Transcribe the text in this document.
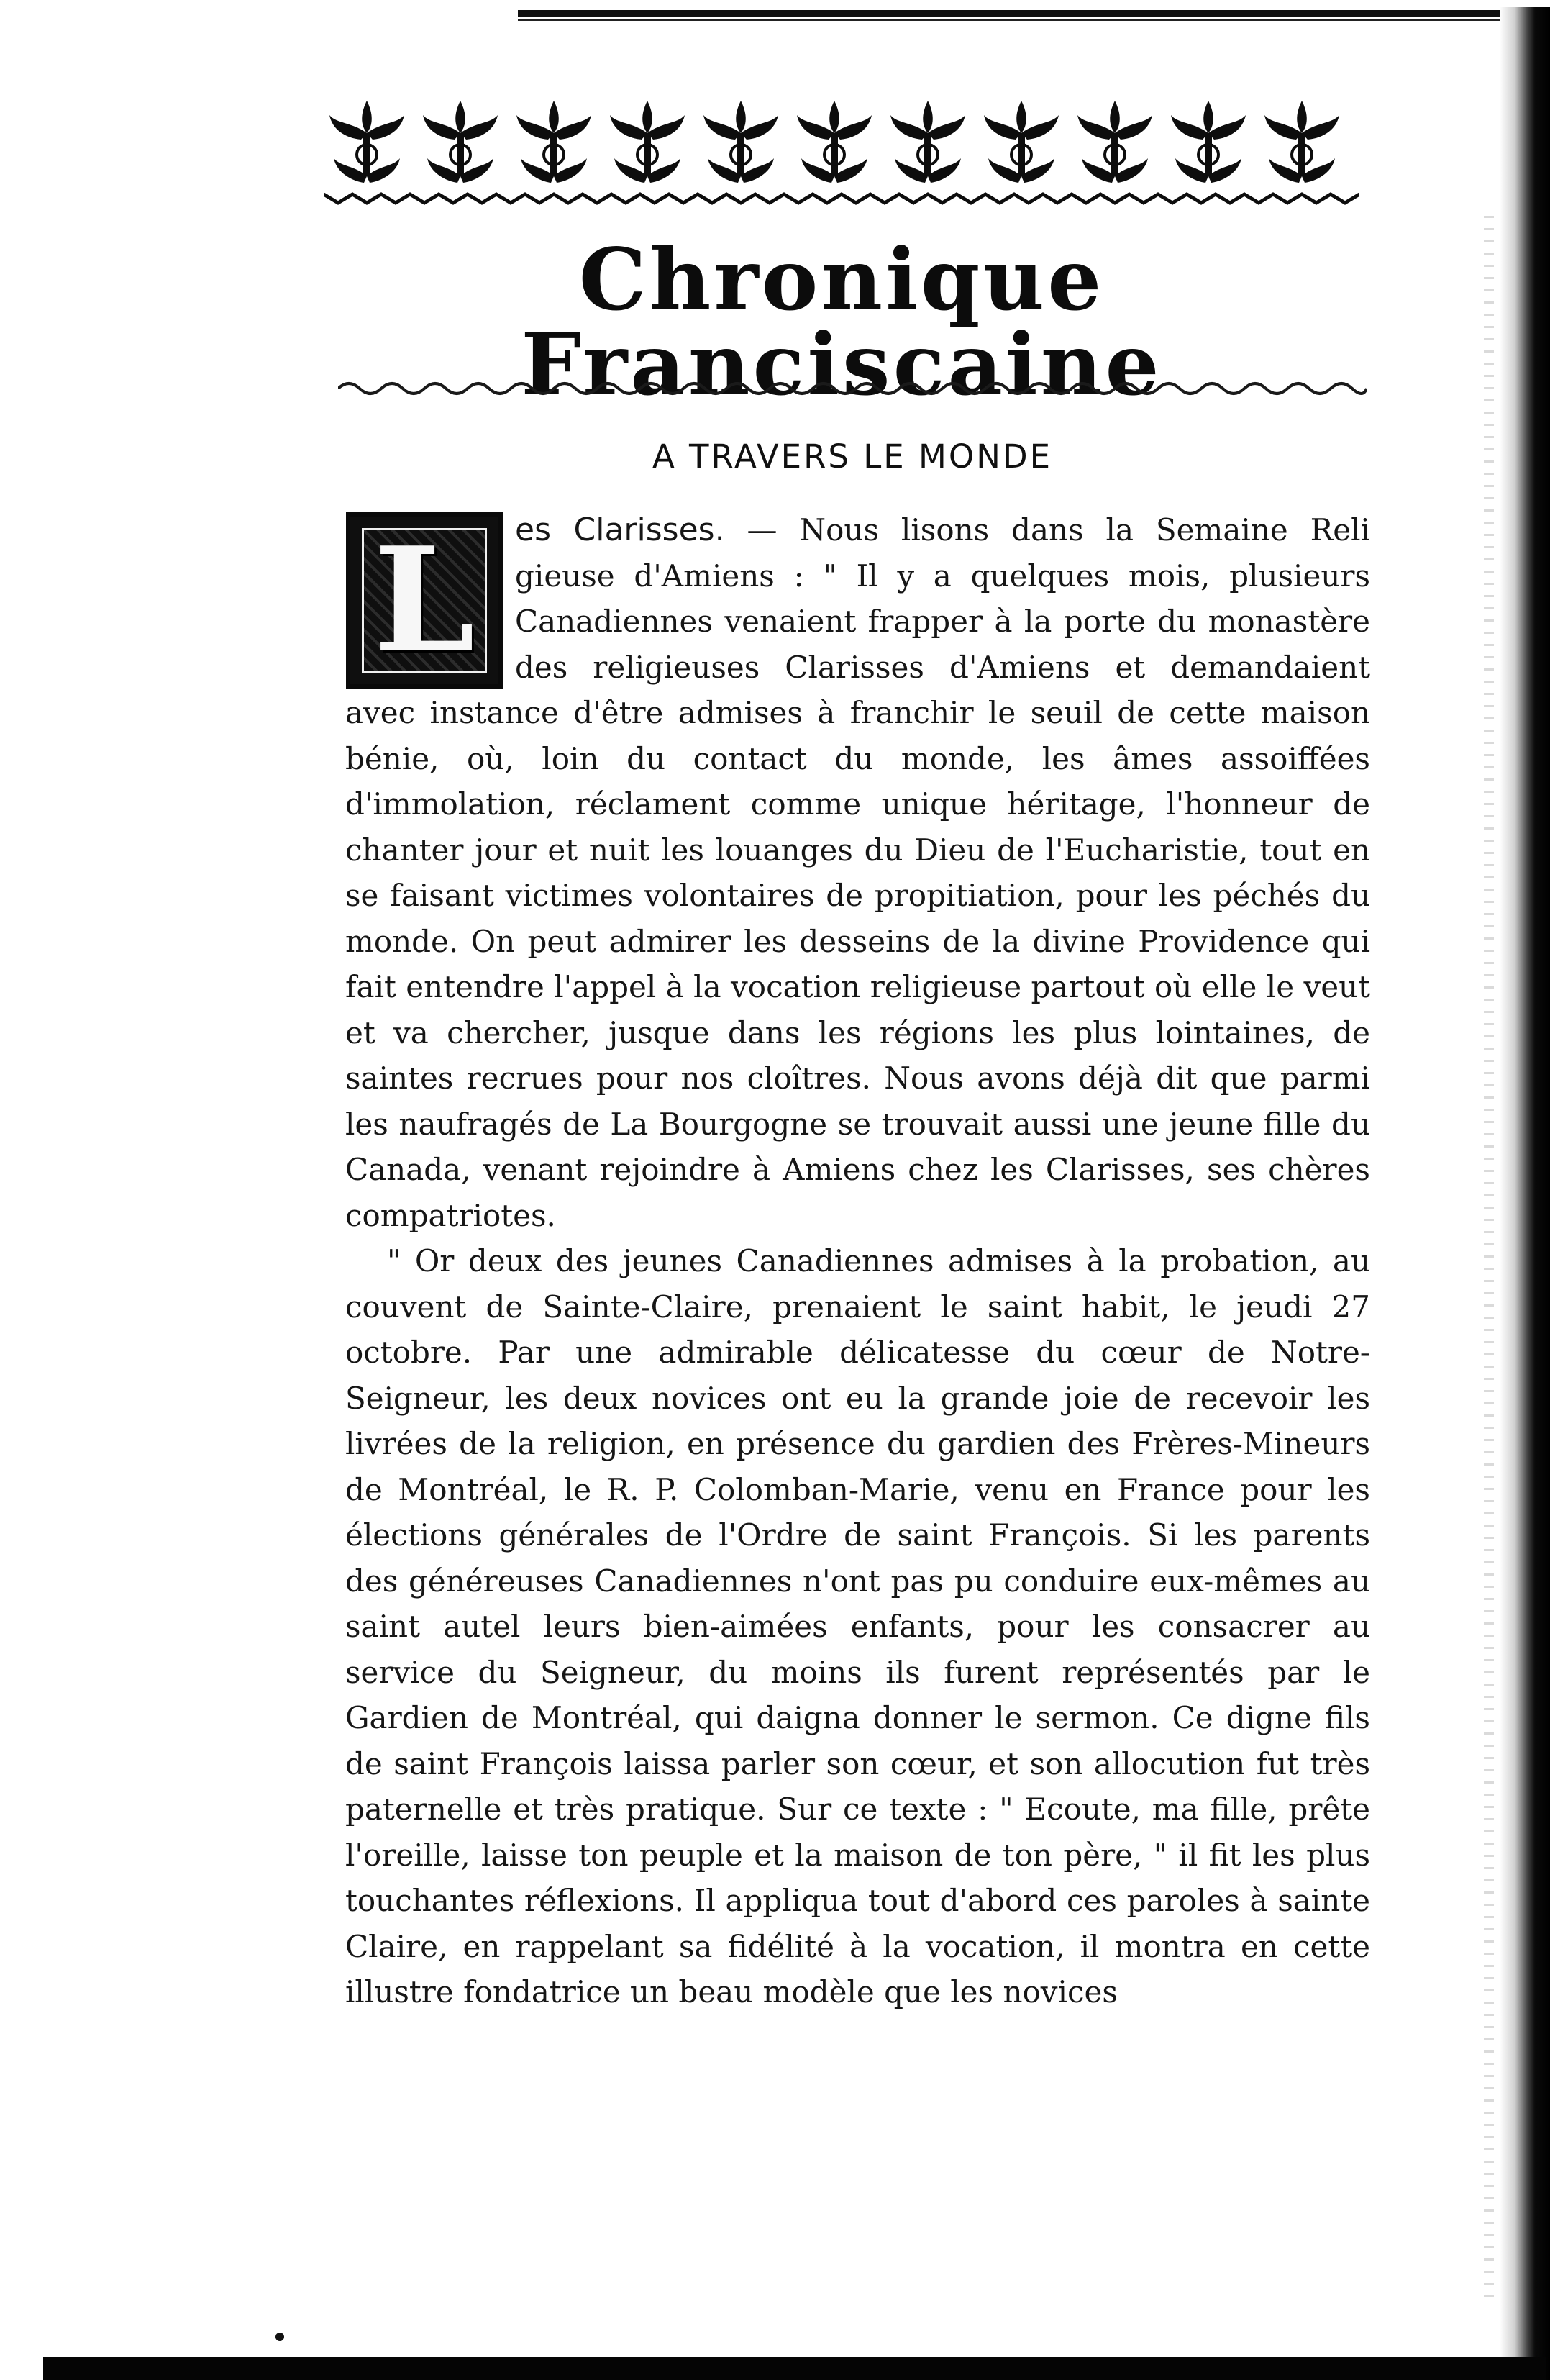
Chronique Franciscaine
A TRAVERS LE MONDE
L	es Clarisses. — Nous lisons dans la Semaine Reli gieuse d'Amiens : " Il y a quelques mois, plusieurs Canadiennes venaient frapper à la porte du monastère des religieuses Clarisses d'Amiens et demandaient avec instance d'être admises à franchir le seuil de cette maison bénie, où, loin du contact du monde, les âmes assoiffées d'immolation, réclament comme unique héritage, l'honneur de chanter jour et nuit les louanges du Dieu de l'Eucharistie, tout en se faisant victimes volontaires de propitiation, pour les péchés du monde. On peut admirer les desseins de la divine Providence qui fait entendre l'appel à la vocation religieuse partout où elle le veut et va chercher, jusque dans les régions les plus lointaines, de saintes recrues pour nos cloîtres. Nous avons déjà dit que parmi les naufragés de La Bourgogne se trouvait aussi une jeune fille du Canada, venant rejoindre à Amiens chez les Clarisses, ses chères compatriotes.

" Or deux des jeunes Canadiennes admises à la probation, au couvent de Sainte-Claire, prenaient le saint habit, le jeudi 27 octobre. Par une admirable délicatesse du cœur de Notre-Seigneur, les deux novices ont eu la grande joie de recevoir les livrées de la religion, en présence du gardien des Frères-Mineurs de Montréal, le R. P. Colomban-Marie, venu en France pour les élections générales de l'Ordre de saint François. Si les parents des généreuses Canadiennes n'ont pas pu conduire eux-mêmes au saint autel leurs bien-aimées enfants, pour les consacrer au service du Seigneur, du moins ils furent représentés par le Gardien de Montréal, qui daigna donner le sermon. Ce digne fils de saint François laissa parler son cœur, et son allocution fut très paternelle et très pratique. Sur ce texte : " Ecoute, ma fille, prête l'oreille, laisse ton peuple et la maison de ton père, " il fit les plus touchantes réflexions. Il appliqua tout d'abord ces paroles à sainte Claire, en rappelant sa fidélité à la vocation, il montra en cette illustre fondatrice un beau modèle que les novices
